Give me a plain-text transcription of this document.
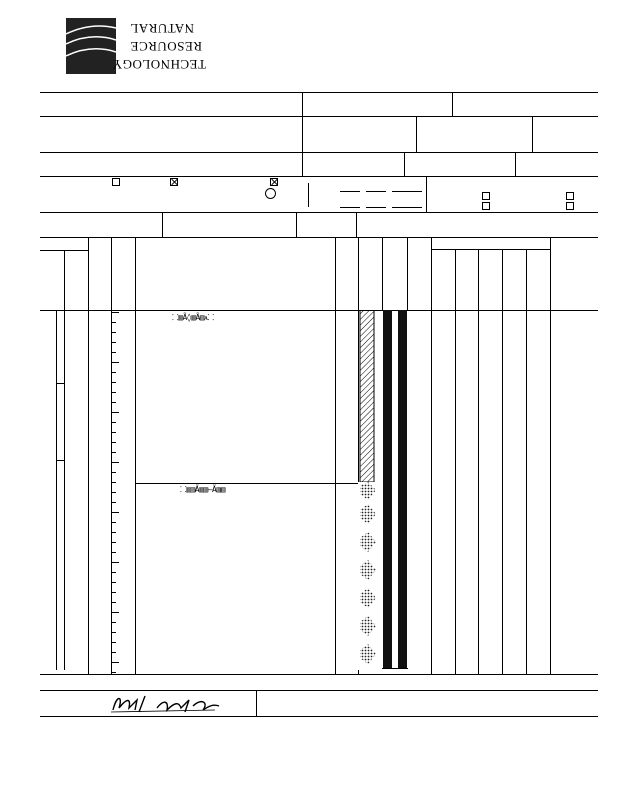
TECHNOLOGY
RESOURCE
NATURAL
⸬▥Ã◊▥Ã▥ᴀ⸬
⸬▥▥Ã▥▥—Ã▥▥
